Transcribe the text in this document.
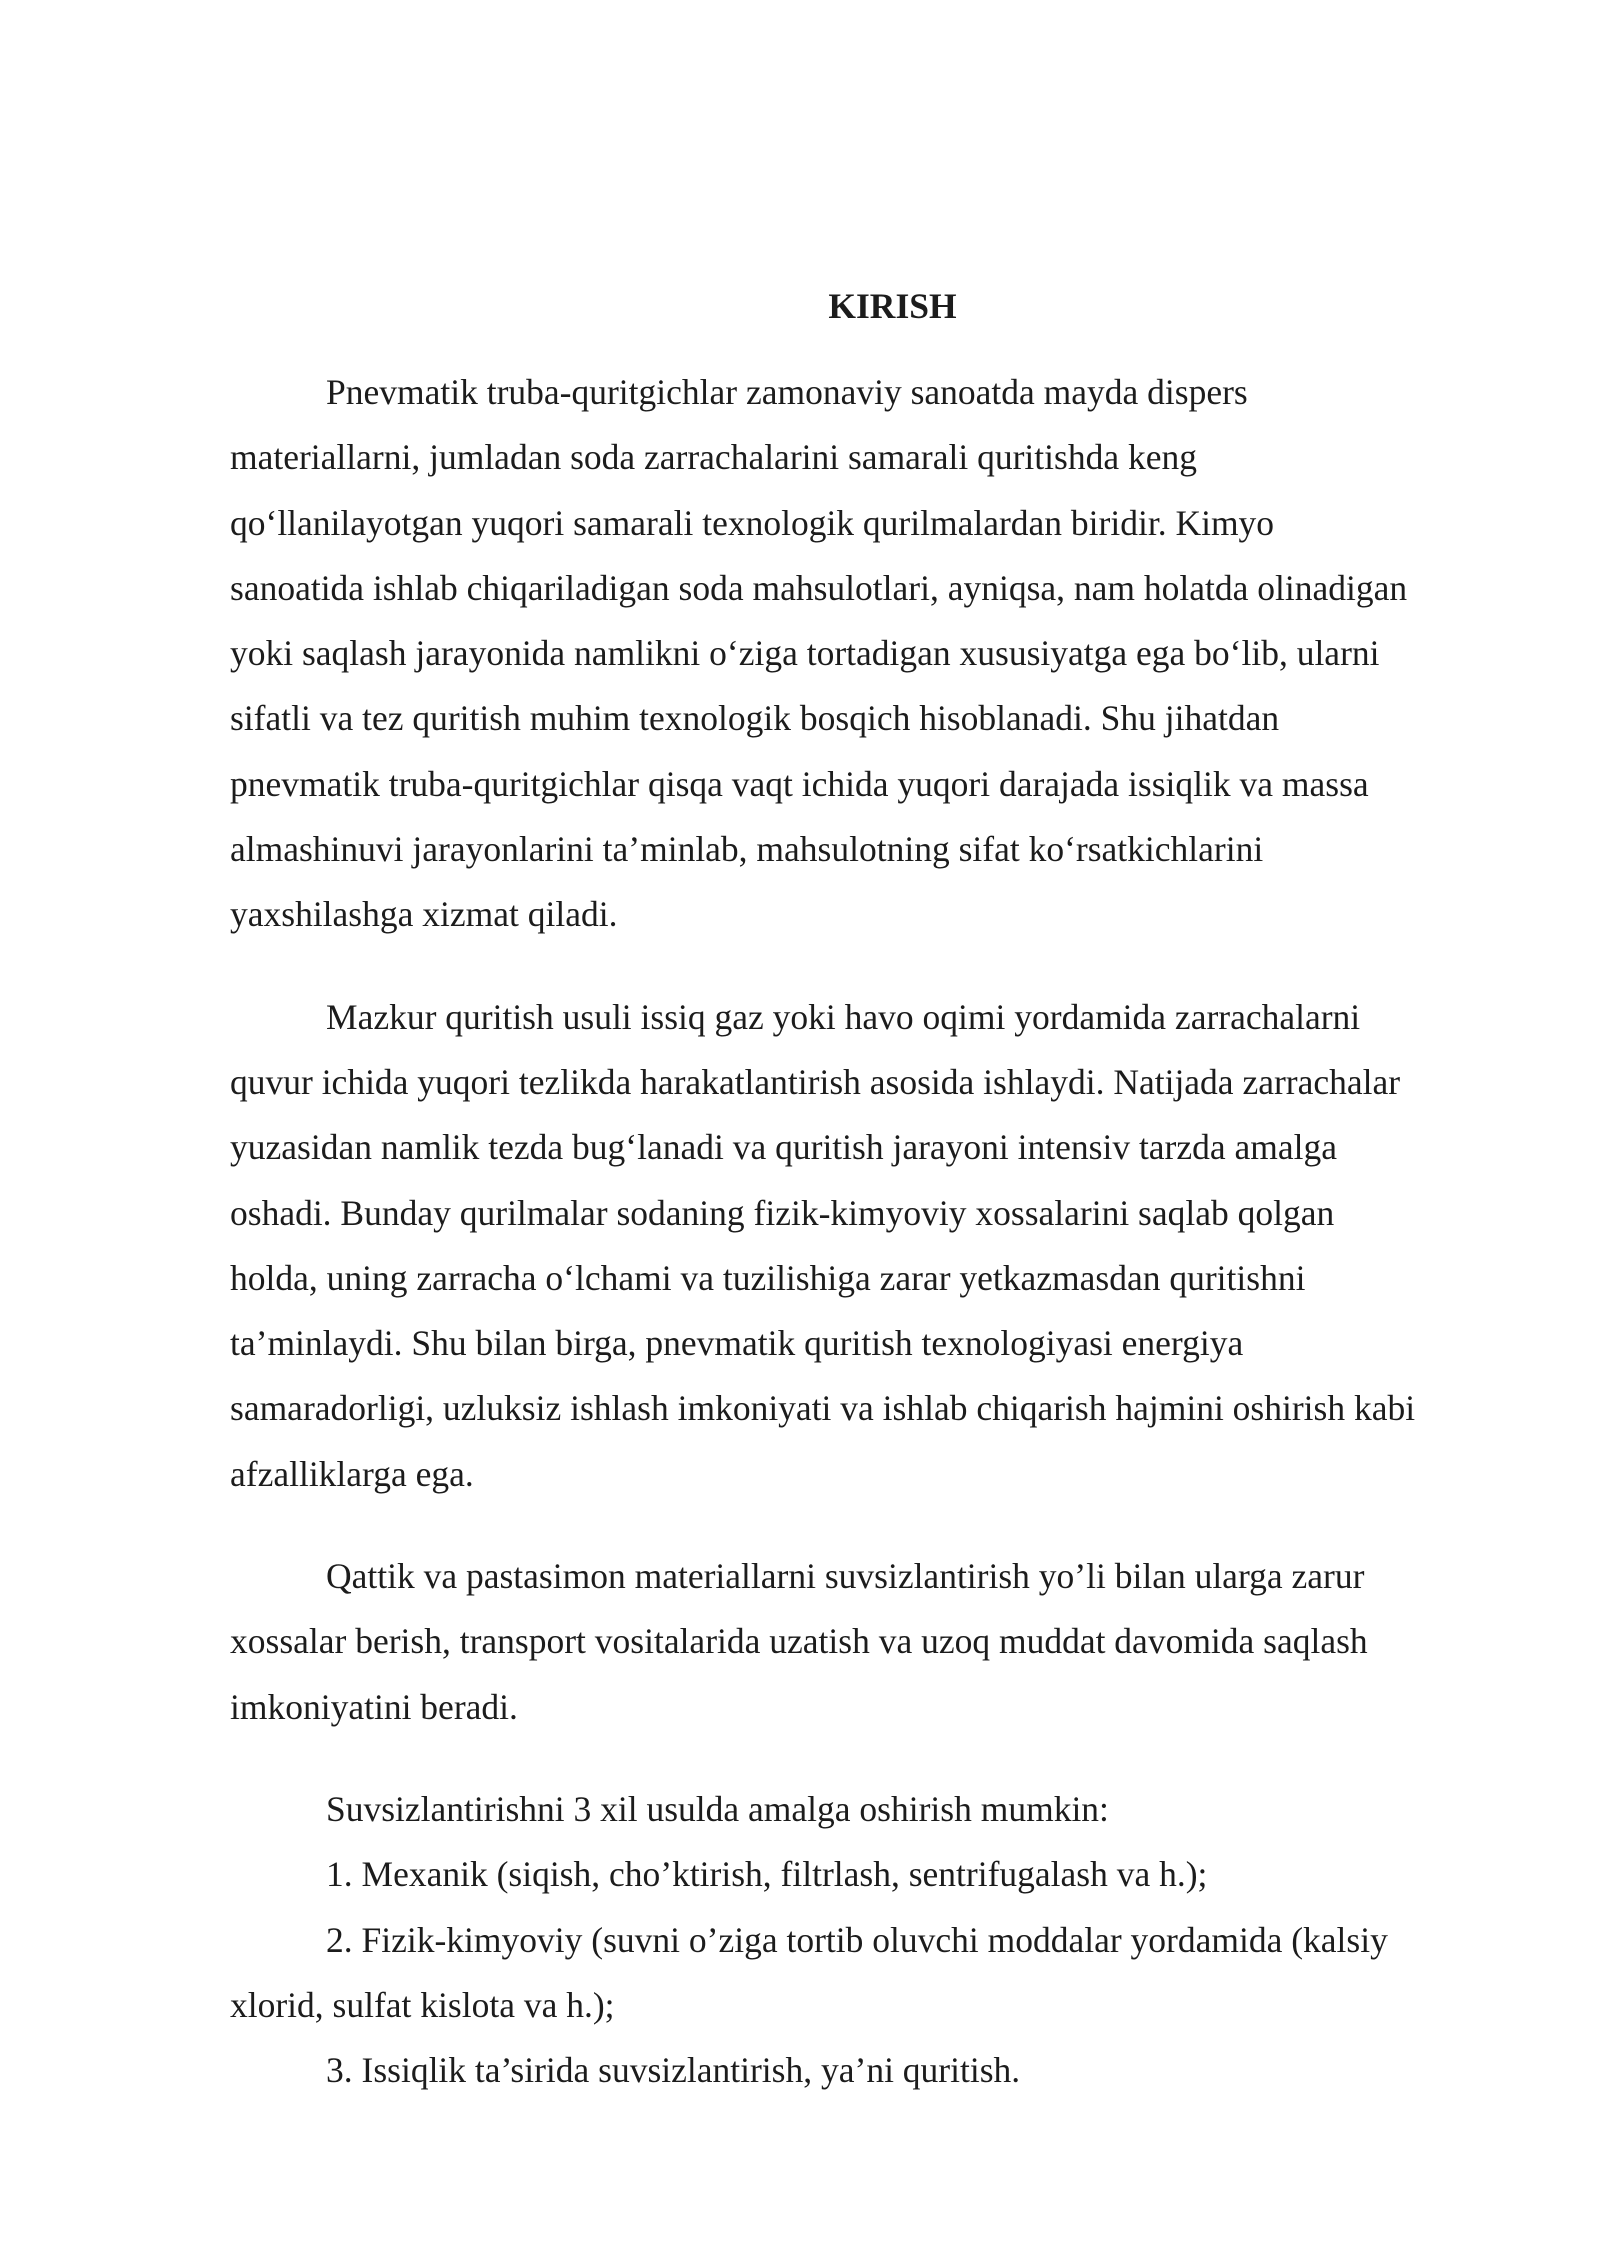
KIRISH
Pnevmatik truba-quritgichlar zamonaviy sanoatda mayda dispers
materiallarni, jumladan soda zarrachalarini samarali quritishda keng
qo‘llanilayotgan yuqori samarali texnologik qurilmalardan biridir. Kimyo
sanoatida ishlab chiqariladigan soda mahsulotlari, ayniqsa, nam holatda olinadigan
yoki saqlash jarayonida namlikni o‘ziga tortadigan xususiyatga ega bo‘lib, ularni
sifatli va tez quritish muhim texnologik bosqich hisoblanadi. Shu jihatdan
pnevmatik truba-quritgichlar qisqa vaqt ichida yuqori darajada issiqlik va massa
almashinuvi jarayonlarini ta’minlab, mahsulotning sifat ko‘rsatkichlarini
yaxshilashga xizmat qiladi.
Mazkur quritish usuli issiq gaz yoki havo oqimi yordamida zarrachalarni
quvur ichida yuqori tezlikda harakatlantirish asosida ishlaydi. Natijada zarrachalar
yuzasidan namlik tezda bug‘lanadi va quritish jarayoni intensiv tarzda amalga
oshadi. Bunday qurilmalar sodaning fizik-kimyoviy xossalarini saqlab qolgan
holda, uning zarracha o‘lchami va tuzilishiga zarar yetkazmasdan quritishni
ta’minlaydi. Shu bilan birga, pnevmatik quritish texnologiyasi energiya
samaradorligi, uzluksiz ishlash imkoniyati va ishlab chiqarish hajmini oshirish kabi
afzalliklarga ega.
Qattik va pastasimon materiallarni suvsizlantirish yo’li bilan ularga zarur
xossalar berish, transport vositalarida uzatish va uzoq muddat davomida saqlash
imkoniyatini beradi.
Suvsizlantirishni 3 xil usulda amalga oshirish mumkin:
1. Mexanik (siqish, cho’ktirish, filtrlash, sentrifugalash va h.);
2. Fizik-kimyoviy (suvni o’ziga tortib oluvchi moddalar yordamida (kalsiy
xlorid, sulfat kislota va h.);
3. Issiqlik ta’sirida suvsizlantirish, ya’ni quritish.
